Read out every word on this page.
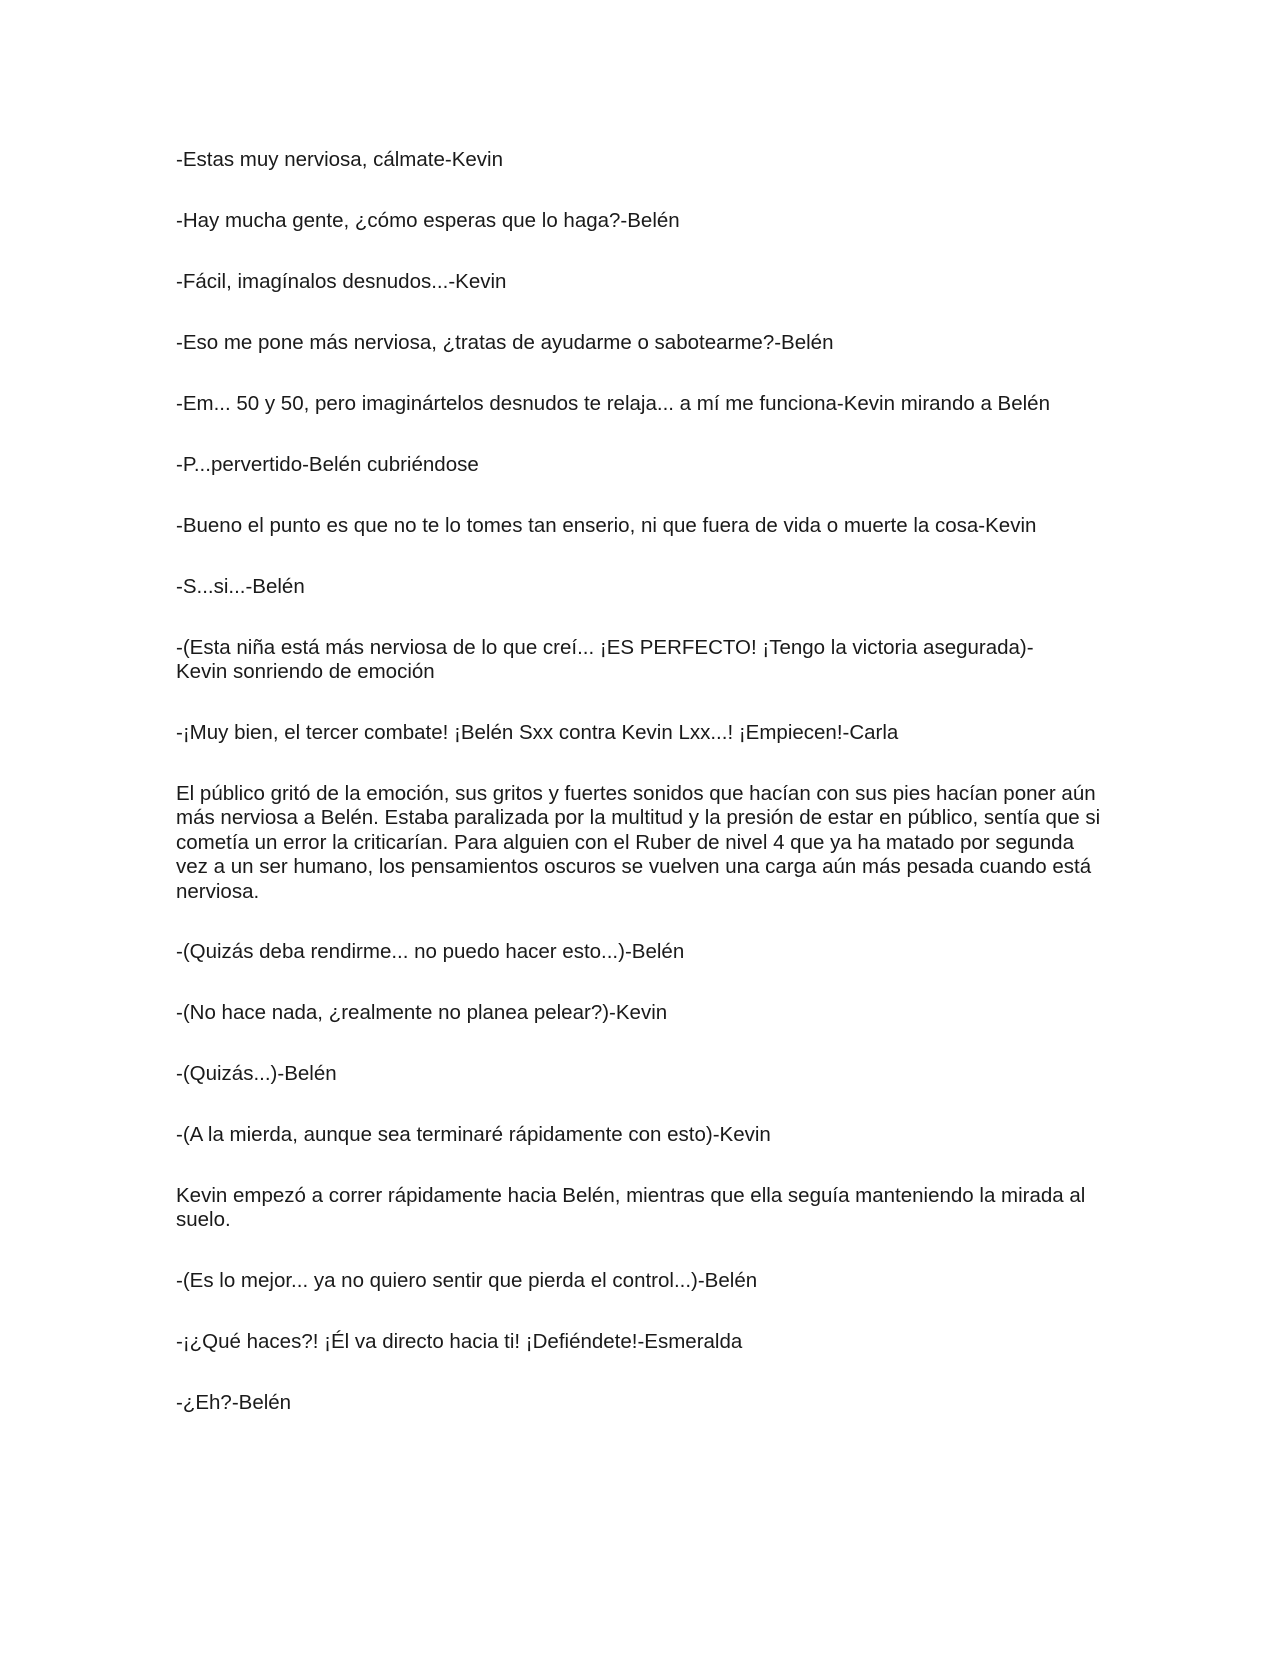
-Estas muy nerviosa, cálmate-Kevin

-Hay mucha gente, ¿cómo esperas que lo haga?-Belén

-Fácil, imagínalos desnudos...-Kevin

-Eso me pone más nerviosa, ¿tratas de ayudarme o sabotearme?-Belén

-Em... 50 y 50, pero imaginártelos desnudos te relaja... a mí me funciona-Kevin mirando a Belén

-P...pervertido-Belén cubriéndose

-Bueno el punto es que no te lo tomes tan enserio, ni que fuera de vida o muerte la cosa-Kevin

-S...si...-Belén

-(Esta niña está más nerviosa de lo que creí... ¡ES PERFECTO! ¡Tengo la victoria asegurada)- Kevin sonriendo de emoción

-¡Muy bien, el tercer combate! ¡Belén Sxx contra Kevin Lxx...! ¡Empiecen!-Carla

El público gritó de la emoción, sus gritos y fuertes sonidos que hacían con sus pies hacían poner aún más nerviosa a Belén. Estaba paralizada por la multitud y la presión de estar en público, sentía que si cometía un error la criticarían. Para alguien con el Ruber de nivel 4 que ya ha matado por segunda vez a un ser humano, los pensamientos oscuros se vuelven una carga aún más pesada cuando está nerviosa.

-(Quizás deba rendirme... no puedo hacer esto...)-Belén

-(No hace nada, ¿realmente no planea pelear?)-Kevin

-(Quizás...)-Belén

-(A la mierda, aunque sea terminaré rápidamente con esto)-Kevin

Kevin empezó a correr rápidamente hacia Belén, mientras que ella seguía manteniendo la mirada al suelo.

-(Es lo mejor... ya no quiero sentir que pierda el control...)-Belén

-¡¿Qué haces?! ¡Él va directo hacia ti! ¡Defiéndete!-Esmeralda

-¿Eh?-Belén
